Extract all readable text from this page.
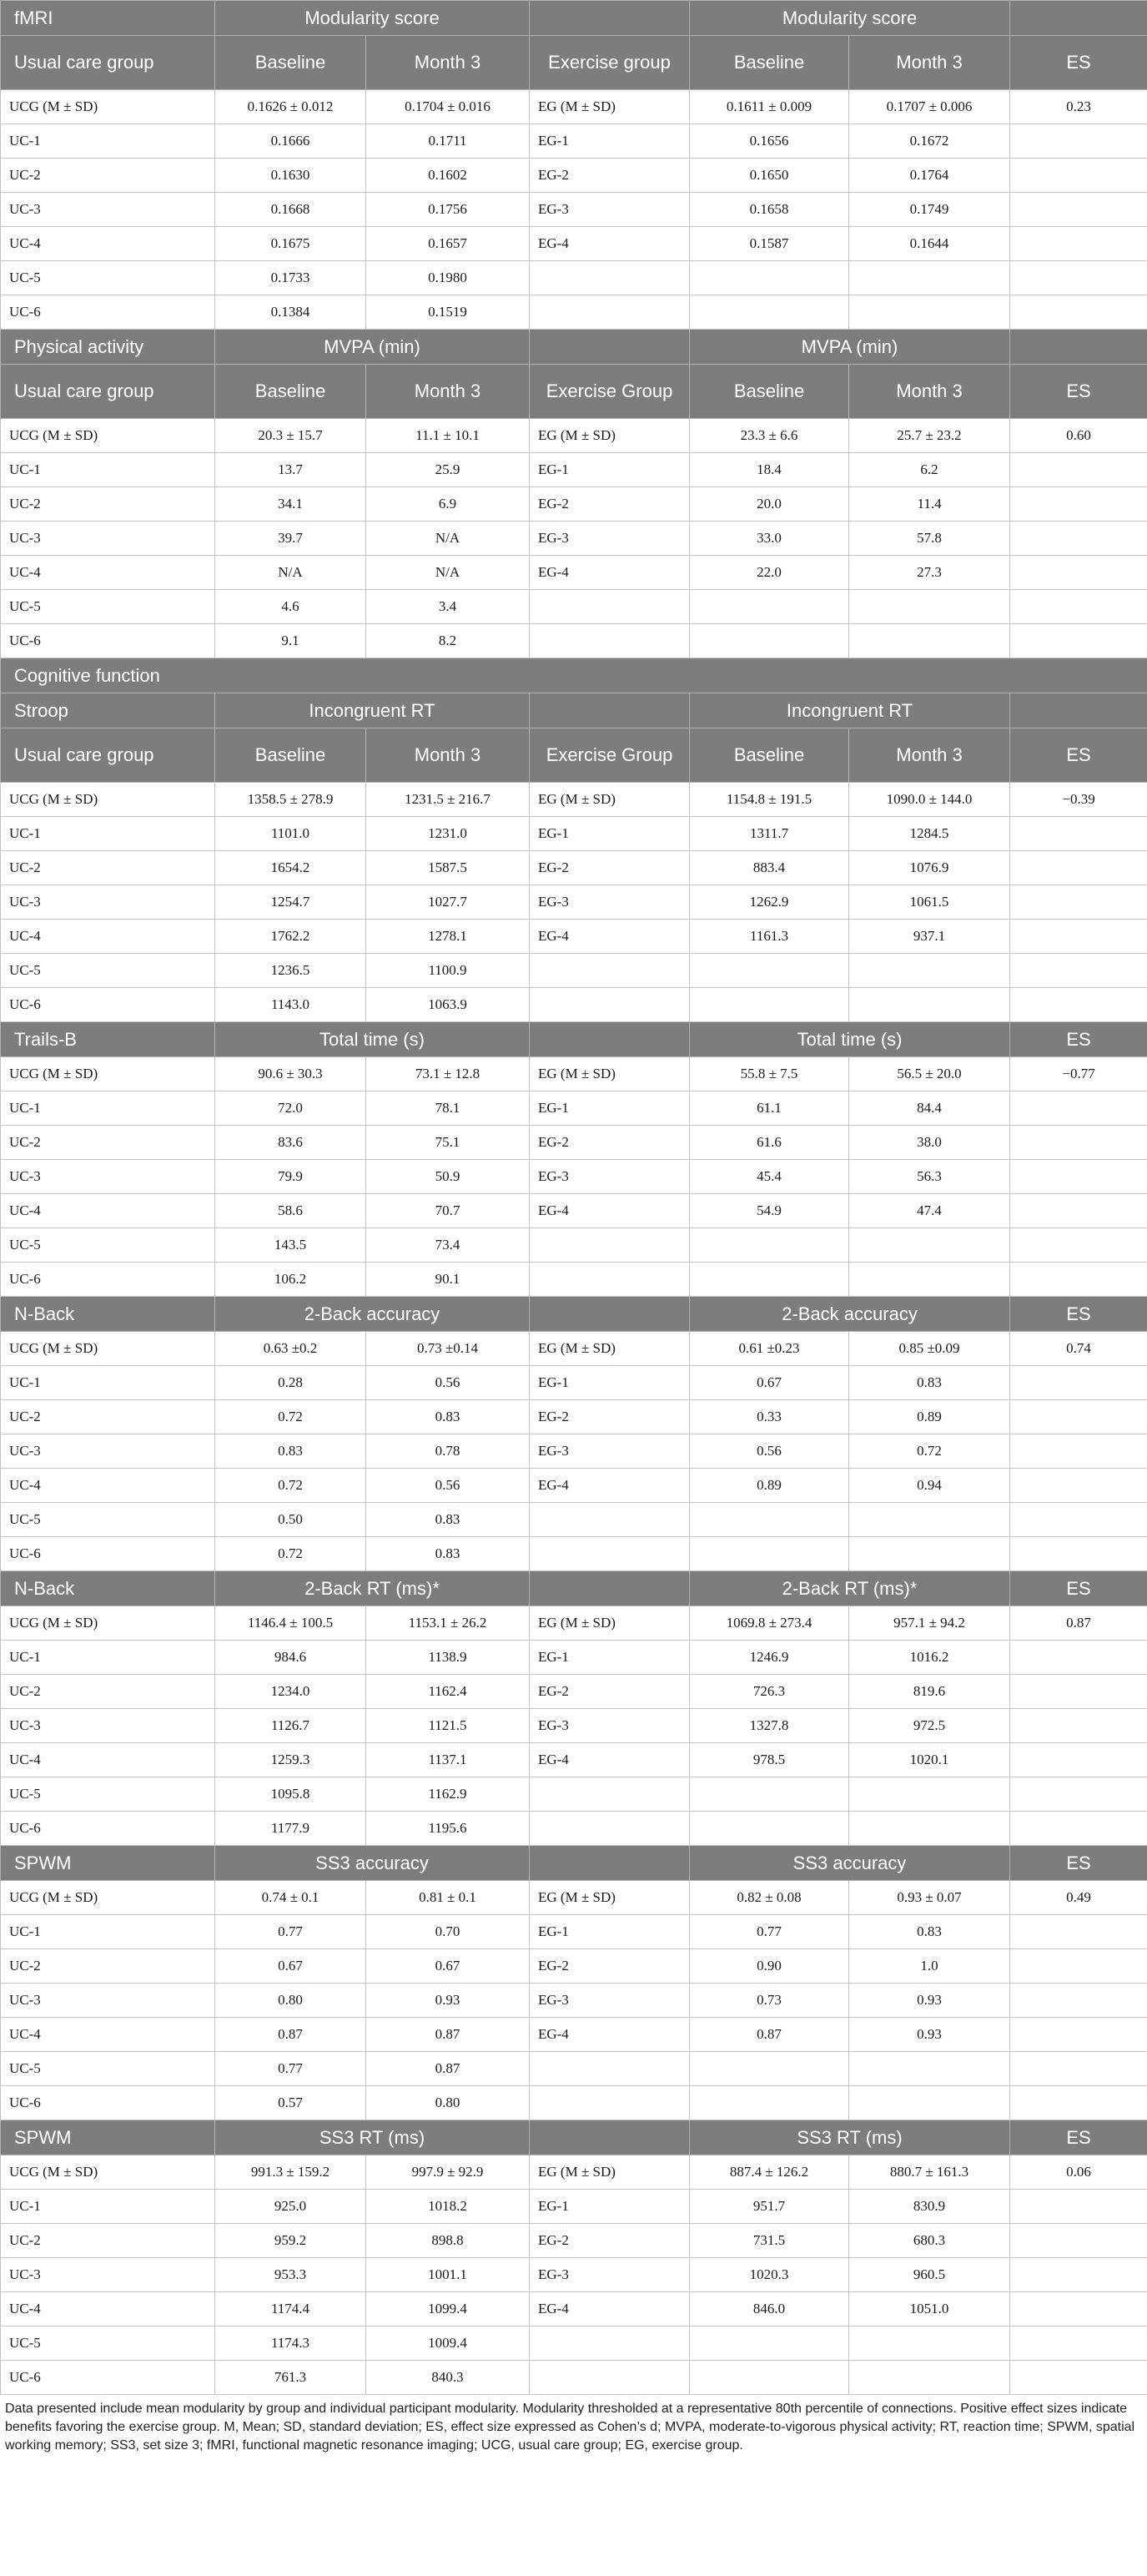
fMRI	Modularity score			Modularity score		
Usual care group	Baseline	Month 3	Exercise group	Baseline	Month 3	ES
UCG (M ± SD)	0.1626 ± 0.012	0.1704 ± 0.016	EG (M ± SD)	0.1611 ± 0.009	0.1707 ± 0.006	0.23
UC-1	0.1666	0.1711	EG-1	0.1656	0.1672	
UC-2	0.1630	0.1602	EG-2	0.1650	0.1764	
UC-3	0.1668	0.1756	EG-3	0.1658	0.1749	
UC-4	0.1675	0.1657	EG-4	0.1587	0.1644	
UC-5	0.1733	0.1980				
UC-6	0.1384	0.1519				
Physical activity	MVPA (min)			MVPA (min)		
Usual care group	Baseline	Month 3	Exercise Group	Baseline	Month 3	ES
UCG (M ± SD)	20.3 ± 15.7	11.1 ± 10.1	EG (M ± SD)	23.3 ± 6.6	25.7 ± 23.2	0.60
UC-1	13.7	25.9	EG-1	18.4	6.2	
UC-2	34.1	6.9	EG-2	20.0	11.4	
UC-3	39.7	N/A	EG-3	33.0	57.8	
UC-4	N/A	N/A	EG-4	22.0	27.3	
UC-5	4.6	3.4				
UC-6	9.1	8.2				
Cognitive function						
Stroop	Incongruent RT			Incongruent RT		
Usual care group	Baseline	Month 3	Exercise Group	Baseline	Month 3	ES
UCG (M ± SD)	1358.5 ± 278.9	1231.5 ± 216.7	EG (M ± SD)	1154.8 ± 191.5	1090.0 ± 144.0	−0.39
UC-1	1101.0	1231.0	EG-1	1311.7	1284.5	
UC-2	1654.2	1587.5	EG-2	883.4	1076.9	
UC-3	1254.7	1027.7	EG-3	1262.9	1061.5	
UC-4	1762.2	1278.1	EG-4	1161.3	937.1	
UC-5	1236.5	1100.9				
UC-6	1143.0	1063.9				
Trails-B	Total time (s)			Total time (s)		ES
UCG (M ± SD)	90.6 ± 30.3	73.1 ± 12.8	EG (M ± SD)	55.8 ± 7.5	56.5 ± 20.0	−0.77
UC-1	72.0	78.1	EG-1	61.1	84.4	
UC-2	83.6	75.1	EG-2	61.6	38.0	
UC-3	79.9	50.9	EG-3	45.4	56.3	
UC-4	58.6	70.7	EG-4	54.9	47.4	
UC-5	143.5	73.4				
UC-6	106.2	90.1				
N-Back	2-Back accuracy			2-Back accuracy		ES
UCG (M ± SD)	0.63 ±0.2	0.73 ±0.14	EG (M ± SD)	0.61 ±0.23	0.85 ±0.09	0.74
UC-1	0.28	0.56	EG-1	0.67	0.83	
UC-2	0.72	0.83	EG-2	0.33	0.89	
UC-3	0.83	0.78	EG-3	0.56	0.72	
UC-4	0.72	0.56	EG-4	0.89	0.94	
UC-5	0.50	0.83				
UC-6	0.72	0.83				
N-Back	2-Back RT (ms)*			2-Back RT (ms)*		ES
UCG (M ± SD)	1146.4 ± 100.5	1153.1 ± 26.2	EG (M ± SD)	1069.8 ± 273.4	957.1 ± 94.2	0.87
UC-1	984.6	1138.9	EG-1	1246.9	1016.2	
UC-2	1234.0	1162.4	EG-2	726.3	819.6	
UC-3	1126.7	1121.5	EG-3	1327.8	972.5	
UC-4	1259.3	1137.1	EG-4	978.5	1020.1	
UC-5	1095.8	1162.9				
UC-6	1177.9	1195.6				
SPWM	SS3 accuracy			SS3 accuracy		ES
UCG (M ± SD)	0.74 ± 0.1	0.81 ± 0.1	EG (M ± SD)	0.82 ± 0.08	0.93 ± 0.07	0.49
UC-1	0.77	0.70	EG-1	0.77	0.83	
UC-2	0.67	0.67	EG-2	0.90	1.0	
UC-3	0.80	0.93	EG-3	0.73	0.93	
UC-4	0.87	0.87	EG-4	0.87	0.93	
UC-5	0.77	0.87				
UC-6	0.57	0.80				
SPWM	SS3 RT (ms)			SS3 RT (ms)		ES
UCG (M ± SD)	991.3 ± 159.2	997.9 ± 92.9	EG (M ± SD)	887.4 ± 126.2	880.7 ± 161.3	0.06
UC-1	925.0	1018.2	EG-1	951.7	830.9	
UC-2	959.2	898.8	EG-2	731.5	680.3	
UC-3	953.3	1001.1	EG-3	1020.3	960.5	
UC-4	1174.4	1099.4	EG-4	846.0	1051.0	
UC-5	1174.3	1009.4				
UC-6	761.3	840.3				
Data presented include mean modularity by group and individual participant modularity. Modularity thresholded at a representative 80th percentile of connections. Positive effect sizes indicate benefits favoring the exercise group. M, Mean; SD, standard deviation; ES, effect size expressed as Cohen’s d; MVPA, moderate-to-vigorous physical activity; RT, reaction time; SPWM, spatial working memory; SS3, set size 3; fMRI, functional magnetic resonance imaging; UCG, usual care group; EG, exercise group.
